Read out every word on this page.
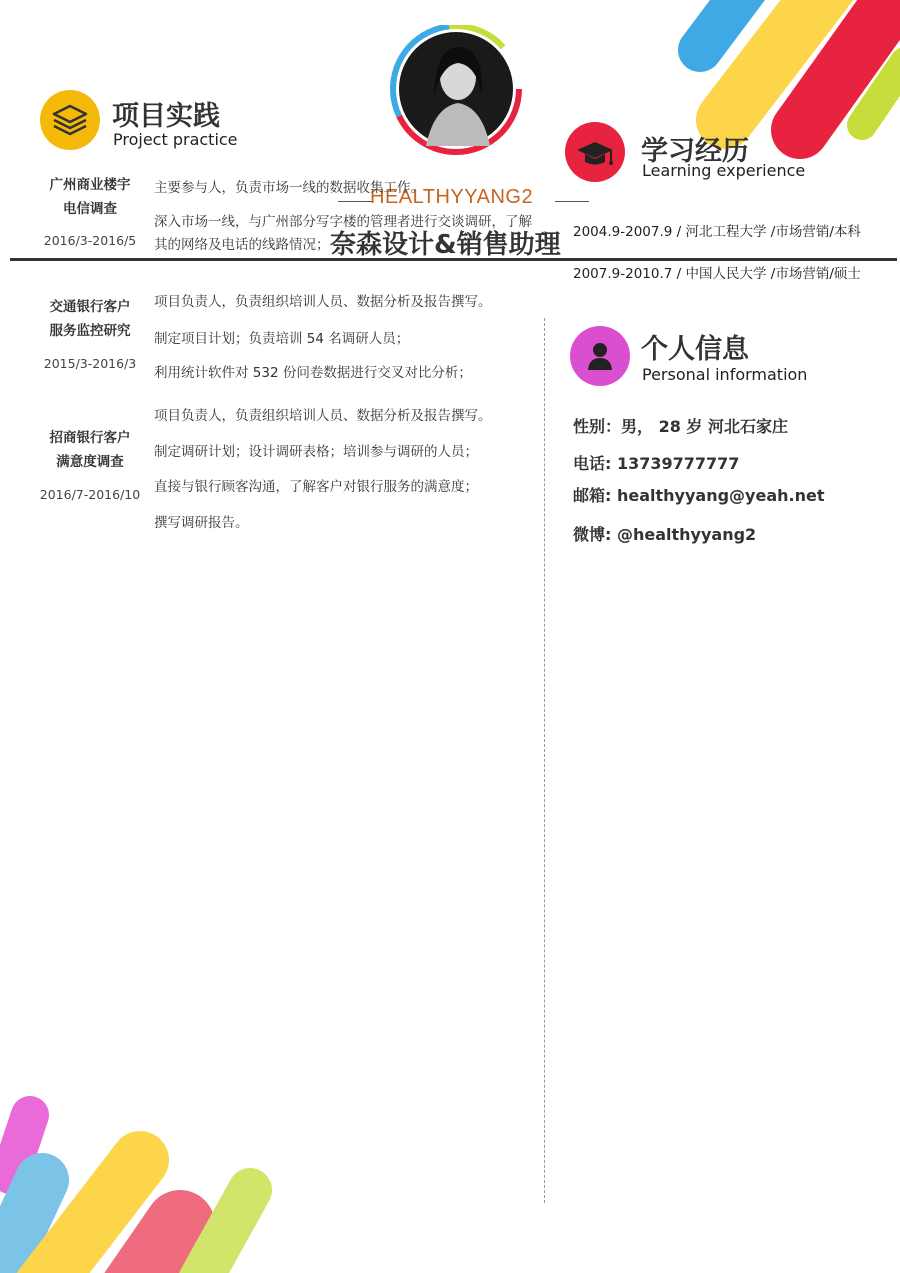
HEALTHYYANG2
奈森设计&销售助理
项目实践
Project practice
广州商业楼宇
电信调查
2016/3-2016/5
主要参与人，负责市场一线的数据收集工作。
深入市场一线，与广州部分写字楼的管理者进行交谈调研，了解
其的网络及电话的线路情况；
交通银行客户
服务监控研究
2015/3-2016/3
项目负责人，负责组织培训人员、数据分析及报告撰写。
制定项目计划；负责培训 54 名调研人员；
利用统计软件对 532 份问卷数据进行交叉对比分析；
招商银行客户
满意度调查
2016/7-2016/10
项目负责人，负责组织培训人员、数据分析及报告撰写。
制定调研计划；设计调研表格；培训参与调研的人员；
直接与银行顾客沟通，了解客户对银行服务的满意度；
撰写调研报告。
学习经历
Learning experience
2004.9-2007.9 / 河北工程大学 /市场营销/本科
2007.9-2010.7 / 中国人民大学 /市场营销/硕士
个人信息
Personal information
性别：男， 28 岁 河北石家庄
电话: 13739777777
邮箱: healthyyang@yeah.net
微博: @healthyyang2
